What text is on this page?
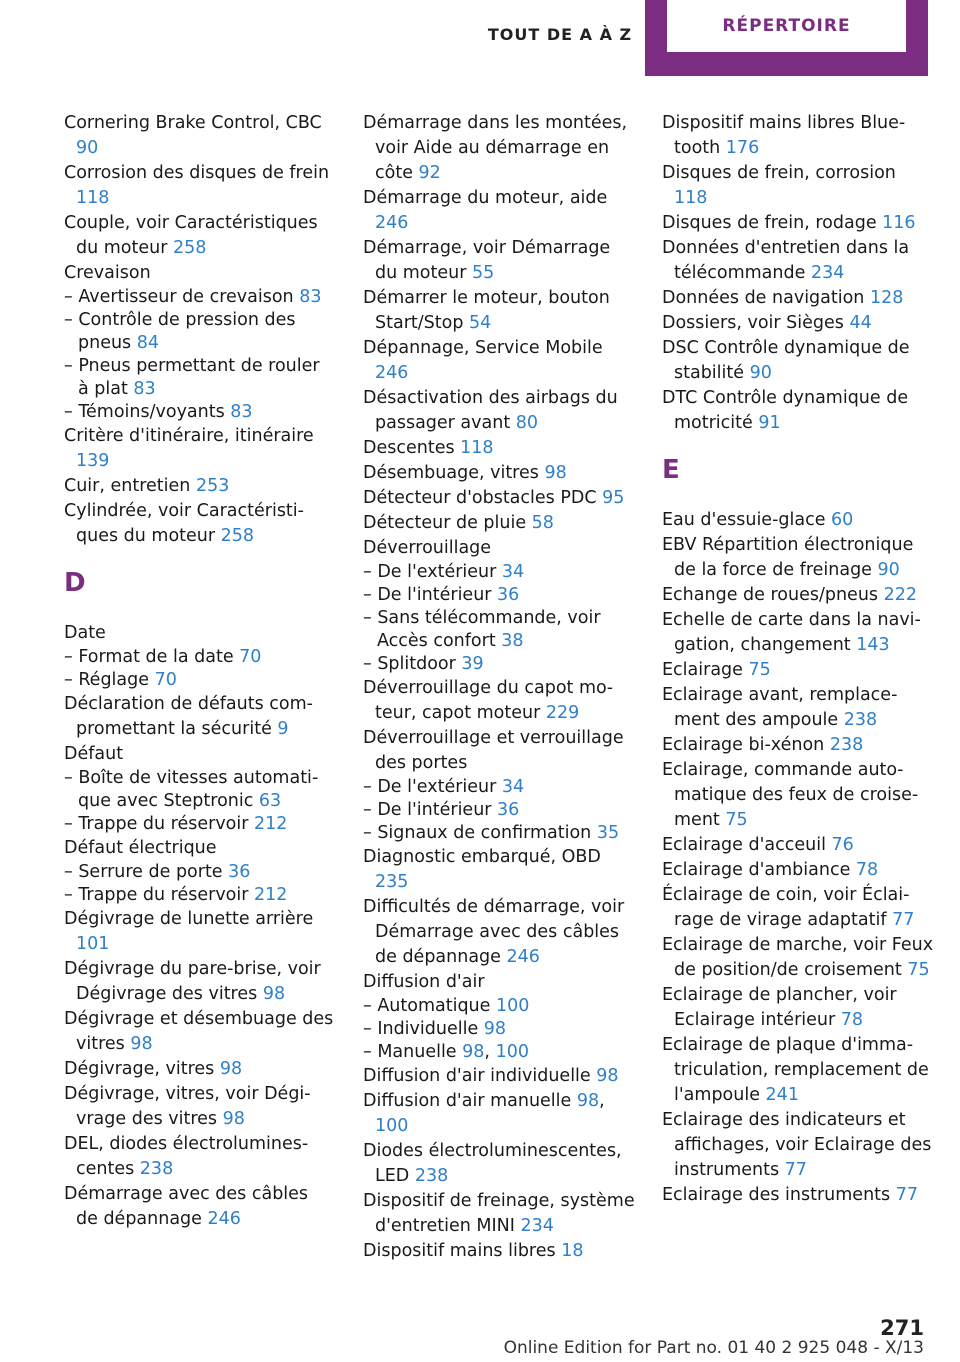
TOUT DE A À Z	RÉPERTOIRE
Cornering Brake Control, CBC 90
Corrosion des disques de frein 118
Couple, voir Caractéristiques du moteur 258
Crevaison
– Avertisseur de crevaison 83
– Contrôle de pression des pneus 84
– Pneus permettant de rouler à plat 83
– Témoins/voyants 83
Critère d'itinéraire, itinéraire 139
Cuir, entretien 253
Cylindrée, voir Caractéristiques du moteur 258
D
Date
– Format de la date 70
– Réglage 70
Déclaration de défauts compromettant la sécurité 9
Défaut
– Boîte de vitesses automatique avec Steptronic 63
– Trappe du réservoir 212
Défaut électrique
– Serrure de porte 36
– Trappe du réservoir 212
Dégivrage de lunette arrière 101
Dégivrage du pare-brise, voir Dégivrage des vitres 98
Dégivrage et désembuage des vitres 98
Dégivrage, vitres 98
Dégivrage, vitres, voir Dégivrage des vitres 98
DEL, diodes électroluminescentes 238
Démarrage avec des câbles de dépannage 246
Démarrage dans les montées, voir Aide au démarrage en côte 92
Démarrage du moteur, aide 246
Démarrage, voir Démarrage du moteur 55
Démarrer le moteur, bouton Start/Stop 54
Dépannage, Service Mobile 246
Désactivation des airbags du passager avant 80
Descentes 118
Désembuage, vitres 98
Détecteur d'obstacles PDC 95
Détecteur de pluie 58
Déverrouillage
– De l'extérieur 34
– De l'intérieur 36
– Sans télécommande, voir Accès confort 38
– Splitdoor 39
Déverrouillage du capot moteur, capot moteur 229
Déverrouillage et verrouillage des portes
– De l'extérieur 34
– De l'intérieur 36
– Signaux de confirmation 35
Diagnostic embarqué, OBD 235
Difficultés de démarrage, voir Démarrage avec des câbles de dépannage 246
Diffusion d'air
– Automatique 100
– Individuelle 98
– Manuelle 98, 100
Diffusion d'air individuelle 98
Diffusion d'air manuelle 98, 100
Diodes électroluminescentes, LED 238
Dispositif de freinage, système d'entretien MINI 234
Dispositif mains libres 18
Dispositif mains libres Bluetooth 176
Disques de frein, corrosion 118
Disques de frein, rodage 116
Données d'entretien dans la télécommande 234
Données de navigation 128
Dossiers, voir Sièges 44
DSC Contrôle dynamique de stabilité 90
DTC Contrôle dynamique de motricité 91
E
Eau d'essuie-glace 60
EBV Répartition électronique de la force de freinage 90
Echange de roues/pneus 222
Echelle de carte dans la navigation, changement 143
Eclairage 75
Eclairage avant, remplacement des ampoule 238
Eclairage bi-xénon 238
Eclairage, commande automatique des feux de croisement 75
Eclairage d'acceuil 76
Eclairage d'ambiance 78
Éclairage de coin, voir Éclairage de virage adaptatif 77
Eclairage de marche, voir Feux de position/de croisement 75
Eclairage de plancher, voir Eclairage intérieur 78
Eclairage de plaque d'immatriculation, remplacement de l'ampoule 241
Eclairage des indicateurs et affichages, voir Eclairage des instruments 77
Eclairage des instruments 77
271
Online Edition for Part no. 01 40 2 925 048 - X/13
